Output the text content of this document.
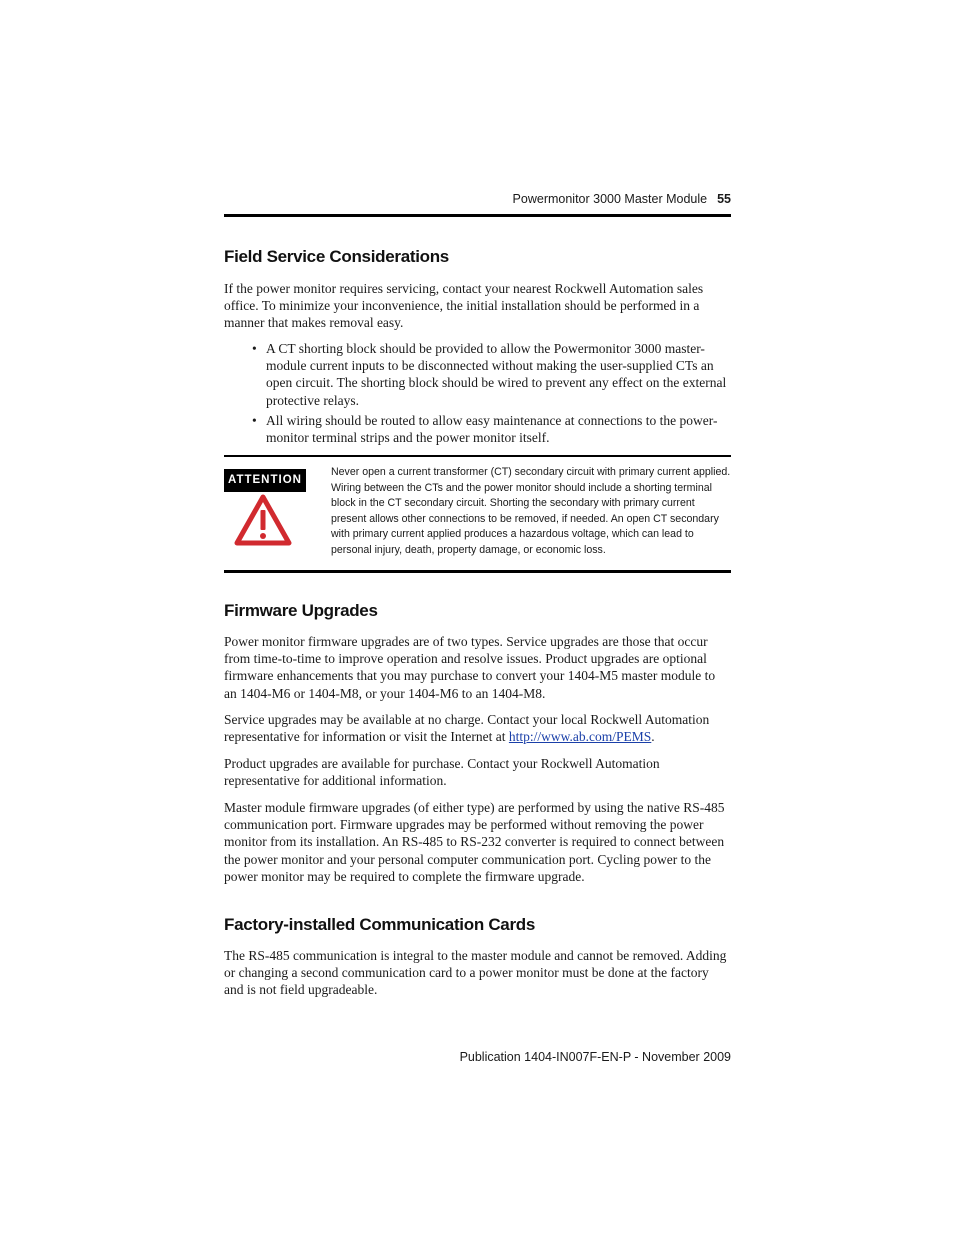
Powermonitor 3000 Master Module 55
Field Service Considerations

If the power monitor requires servicing, contact your nearest Rockwell Automation sales office. To minimize your inconvenience, the initial installation should be performed in a manner that makes removal easy.

• A CT shorting block should be provided to allow the Powermonitor 3000 master-module current inputs to be disconnected without making the user-supplied CTs an open circuit. The shorting block should be wired to prevent any effect on the external protective relays.
• All wiring should be routed to allow easy maintenance at connections to the power-monitor terminal strips and the power monitor itself.
ATTENTION

Never open a current transformer (CT) secondary circuit with primary current applied. Wiring between the CTs and the power monitor should include a shorting terminal block in the CT secondary circuit. Shorting the secondary with primary current present allows other connections to be removed, if needed. An open CT secondary with primary current applied produces a hazardous voltage, which can lead to personal injury, death, property damage, or economic loss.

Firmware Upgrades

Power monitor firmware upgrades are of two types. Service upgrades are those that occur from time-to-time to improve operation and resolve issues. Product upgrades are optional firmware enhancements that you may purchase to convert your 1404-M5 master module to an 1404-M6 or 1404-M8, or your 1404-M6 to an 1404-M8.

Service upgrades may be available at no charge. Contact your local Rockwell Automation representative for information or visit the Internet at http://www.ab.com/PEMS.

Product upgrades are available for purchase. Contact your Rockwell Automation representative for additional information.

Master module firmware upgrades (of either type) are performed by using the native RS-485 communication port. Firmware upgrades may be performed without removing the power monitor from its installation. An RS-485 to RS-232 converter is required to connect between the power monitor and your personal computer communication port. Cycling power to the power monitor may be required to complete the firmware upgrade.

Factory-installed Communication Cards

The RS-485 communication is integral to the master module and cannot be removed. Adding or changing a second communication card to a power monitor must be done at the factory and is not field upgradeable.

Publication 1404-IN007F-EN-P - November 2009
